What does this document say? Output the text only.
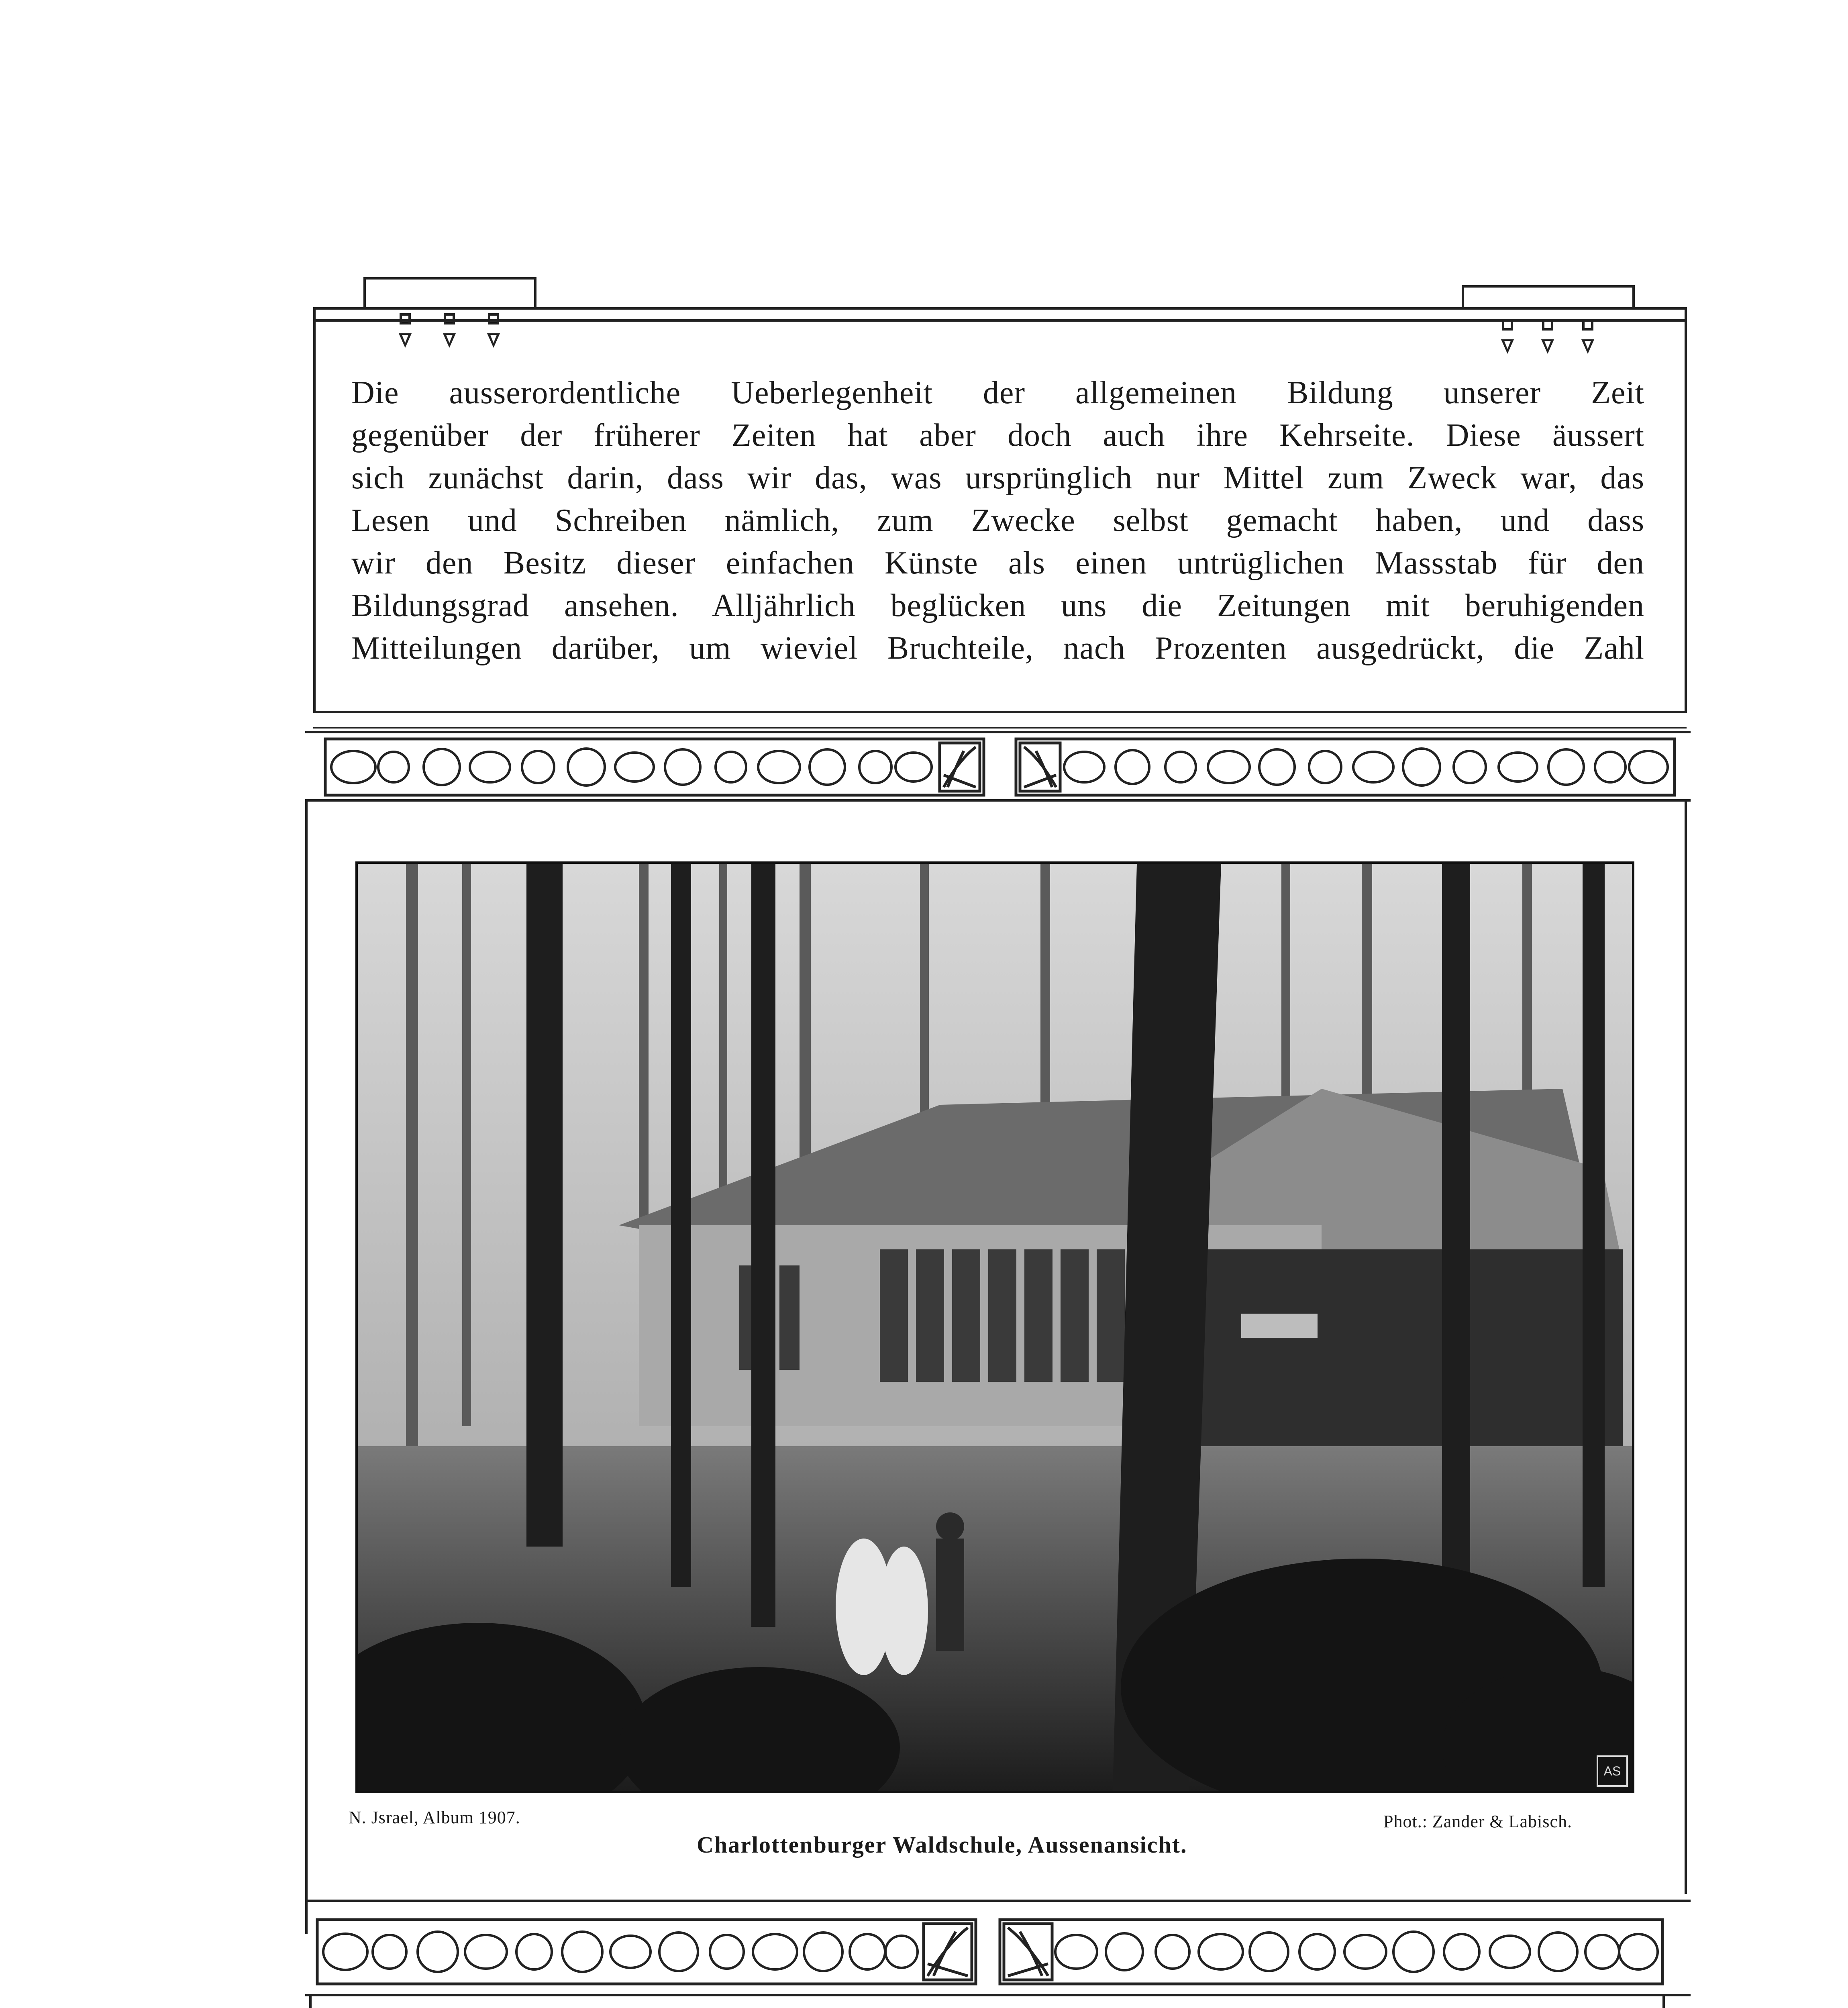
Die ausserordentliche Ueberlegenheit der allgemeinen Bildung unserer Zeit
gegenüber der früherer Zeiten hat aber doch auch ihre Kehrseite. Diese äussert
sich zunächst darin, dass wir das, was ursprünglich nur Mittel zum Zweck war, das
Lesen und Schreiben nämlich, zum Zwecke selbst gemacht haben, und dass
wir den Besitz dieser einfachen Künste als einen untrüglichen Massstab für den
Bildungsgrad ansehen. Alljährlich beglücken uns die Zeitungen mit beruhigenden
Mitteilungen darüber, um wieviel Bruchteile, nach Prozenten ausgedrückt, die Zahl
AS
N. Jsrael, Album 1907.	Phot.: Zander & Labisch.
Charlottenburger Waldschule, Aussenansicht.
